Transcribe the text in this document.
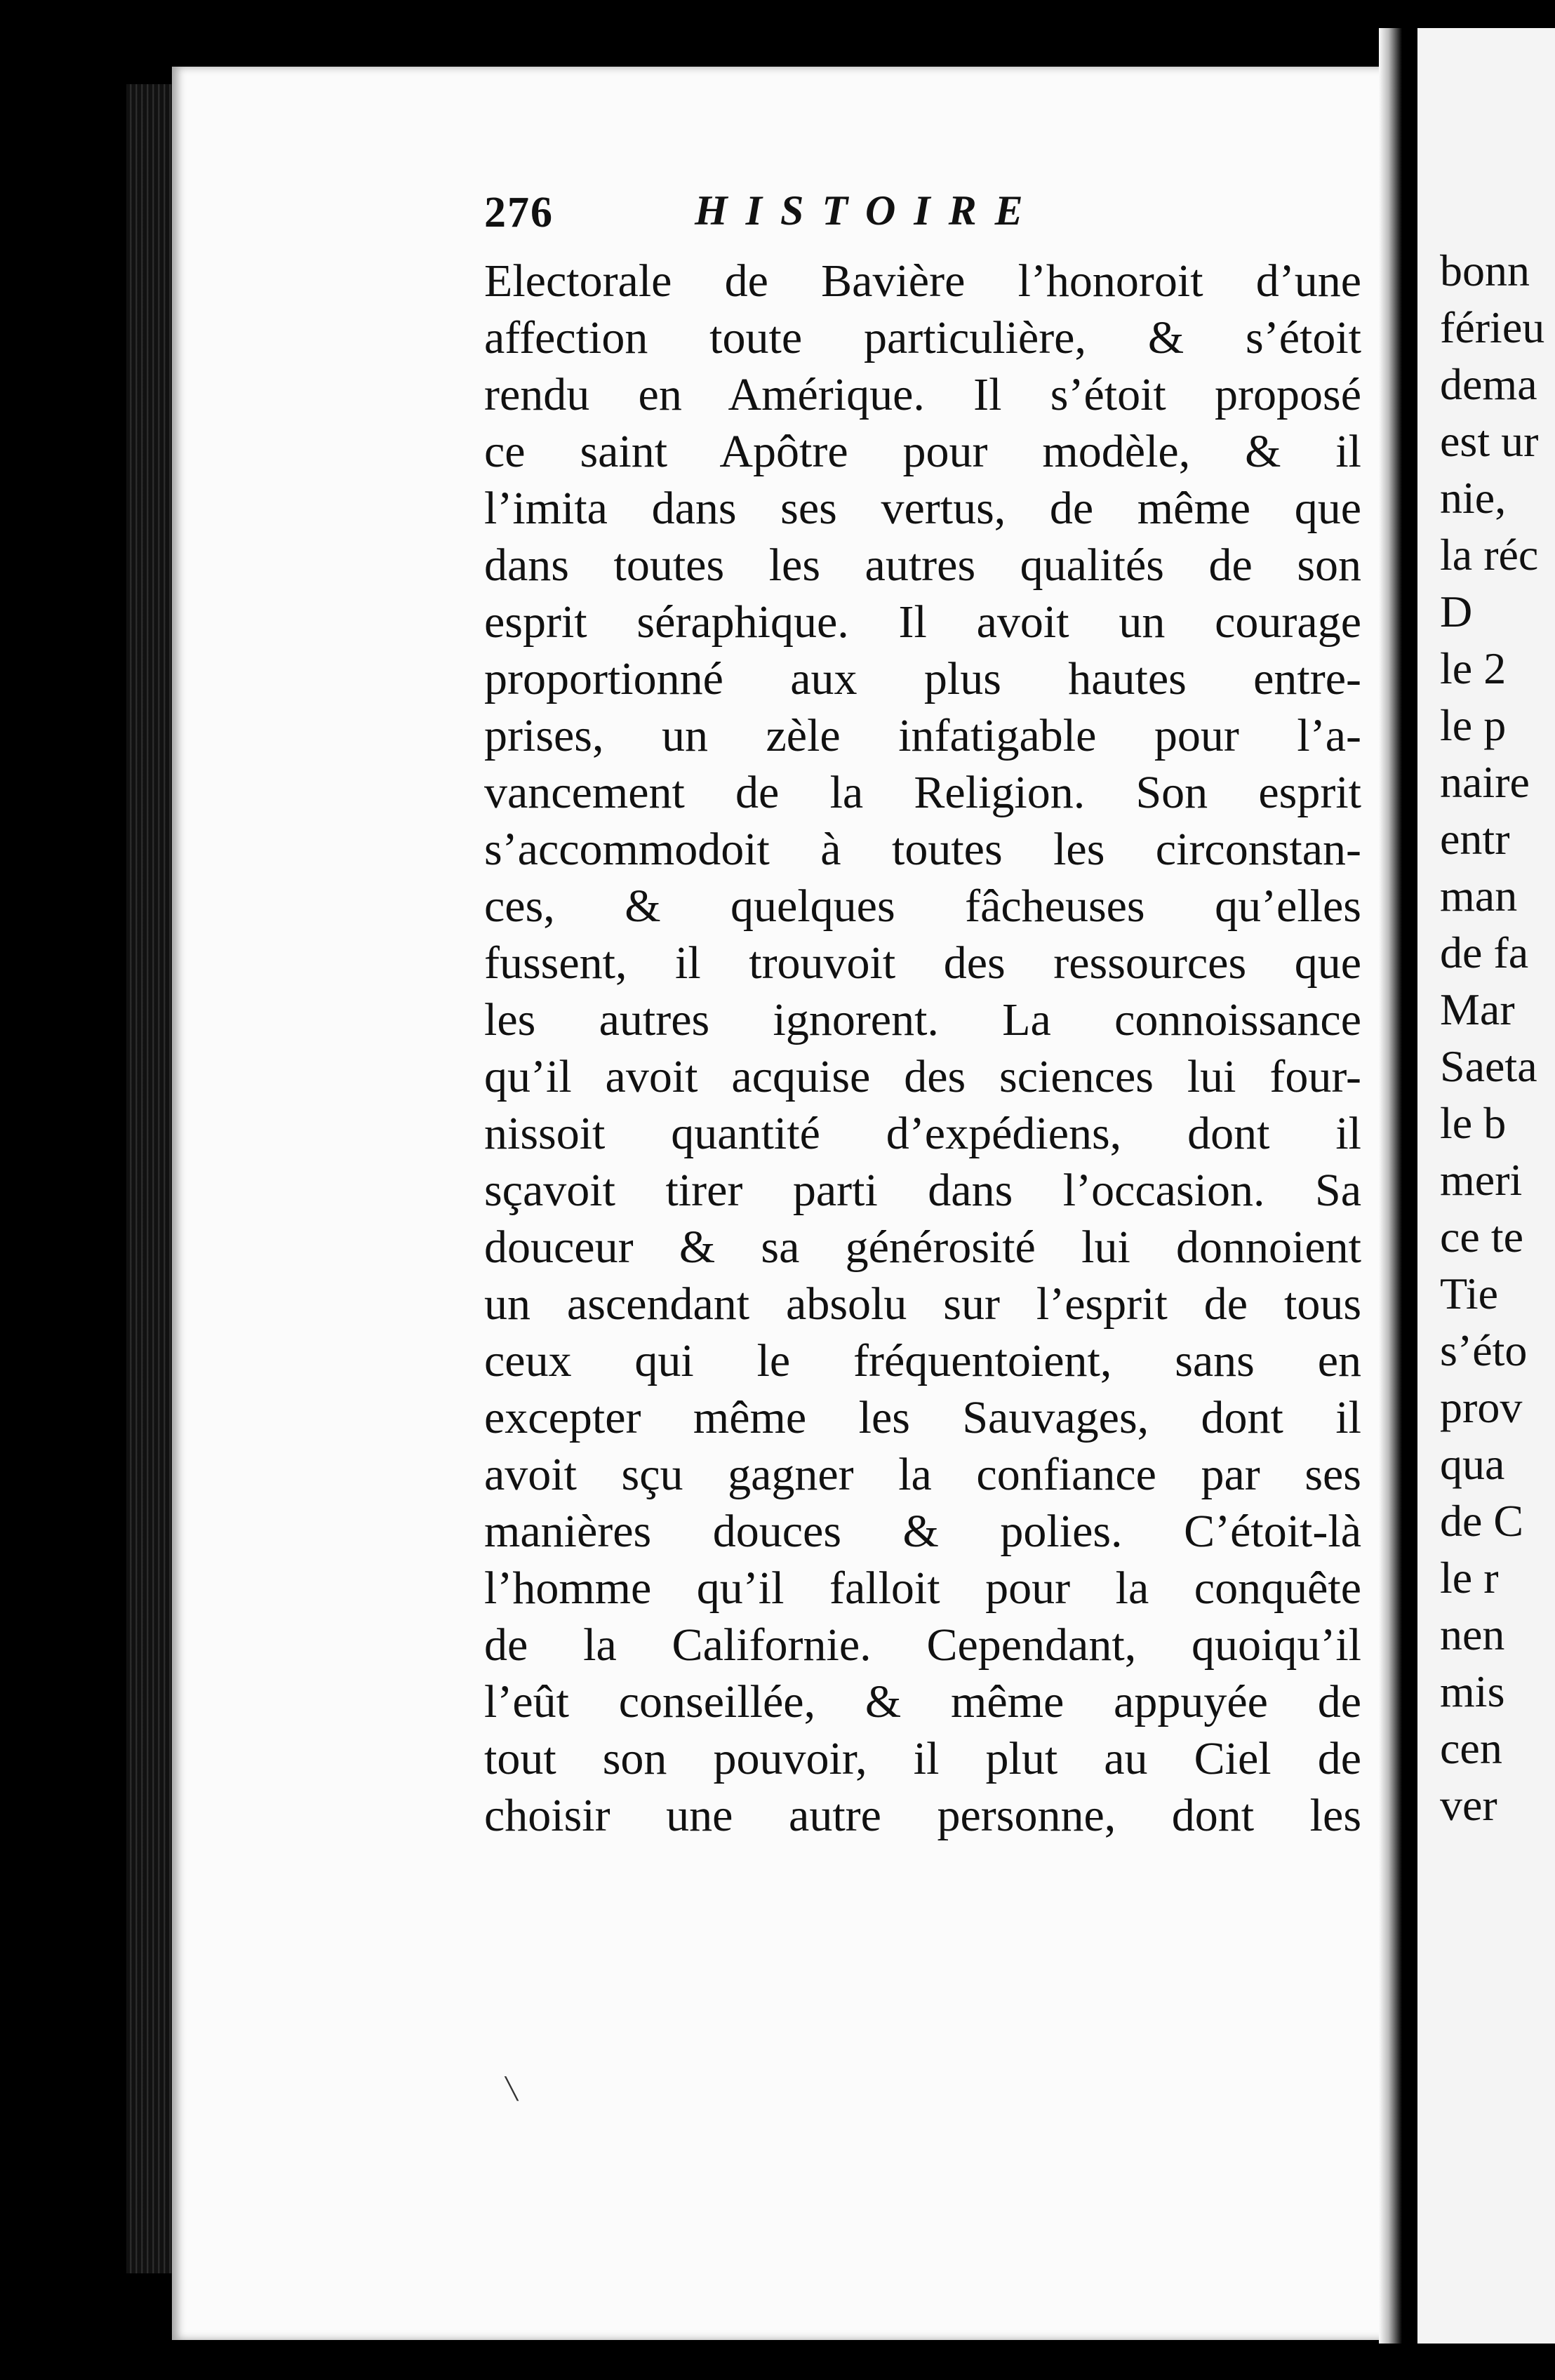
276	HISTOIRE
Electorale de Bavière l’honoroit d’une
affection toute particulière, & s’étoit
rendu en Amérique. Il s’étoit proposé
ce saint Apôtre pour modèle, & il
l’imita dans ses vertus, de même que
dans toutes les autres qualités de son
esprit séraphique. Il avoit un courage
proportionné aux plus hautes entre-
prises, un zèle infatigable pour l’a-
vancement de la Religion. Son esprit
s’accommodoit à toutes les circonstan-
ces, & quelques fâcheuses qu’elles
fussent, il trouvoit des ressources que
les autres ignorent. La connoissance
qu’il avoit acquise des sciences lui four-
nissoit quantité d’expédiens, dont il
sçavoit tirer parti dans l’occasion. Sa
douceur & sa générosité lui donnoient
un ascendant absolu sur l’esprit de tous
ceux qui le fréquentoient, sans en
excepter même les Sauvages, dont il
avoit sçu gagner la confiance par ses
manières douces & polies. C’étoit-là
l’homme qu’il falloit pour la conquête
de la Californie. Cependant, quoiqu’il
l’eût conseillée, & même appuyée de
tout son pouvoir, il plut au Ciel de
choisir une autre personne, dont les
bonn
férieu
dema
est ur
nie,
la réc
D
le 2
le p
naire
entr
man
de fa
Mar
Saeta
le b
meri
ce te
Tie
s’éto
prov
qua
de C
le r
nen
mis
cen
ver
╲
